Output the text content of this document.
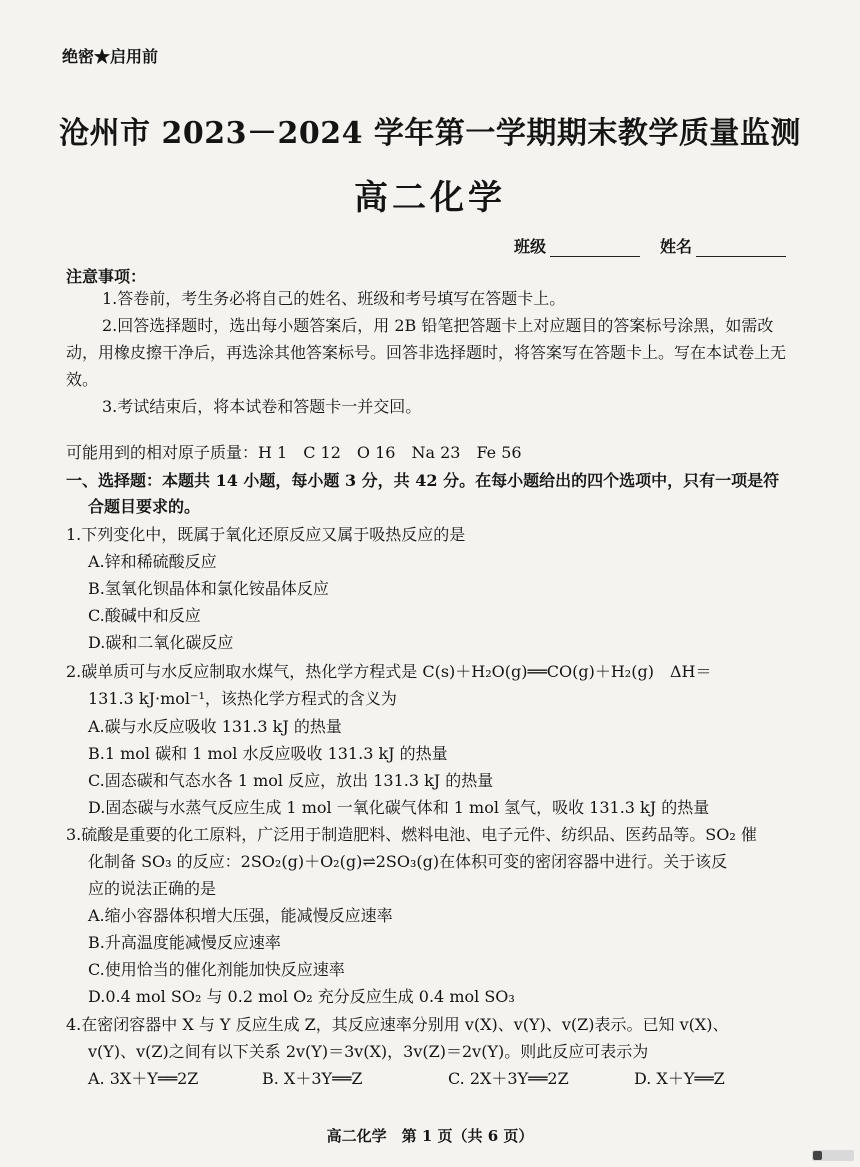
绝密★启用前
沧州市 2023－2024 学年第一学期期末教学质量监测
高二化学
班级	姓名
注意事项：
1.答卷前，考生务必将自己的姓名、班级和考号填写在答题卡上。
2.回答选择题时，选出每小题答案后，用 2B 铅笔把答题卡上对应题目的答案标号涂黑，如需改动，用橡皮擦干净后，再选涂其他答案标号。回答非选择题时，将答案写在答题卡上。写在本试卷上无效。
3.考试结束后，将本试卷和答题卡一并交回。
可能用到的相对原子质量：H 1　C 12　O 16　Na 23　Fe 56
一、选择题：本题共 14 小题，每小题 3 分，共 42 分。在每小题给出的四个选项中，只有一项是符
合题目要求的。
1.下列变化中，既属于氧化还原反应又属于吸热反应的是
A.锌和稀硫酸反应
B.氢氧化钡晶体和氯化铵晶体反应
C.酸碱中和反应
D.碳和二氧化碳反应
2.碳单质可与水反应制取水煤气，热化学方程式是 C(s)＋H₂O(g)══CO(g)＋H₂(g)　ΔH＝
131.3 kJ·mol⁻¹，该热化学方程式的含义为
A.碳与水反应吸收 131.3 kJ 的热量
B.1 mol 碳和 1 mol 水反应吸收 131.3 kJ 的热量
C.固态碳和气态水各 1 mol 反应，放出 131.3 kJ 的热量
D.固态碳与水蒸气反应生成 1 mol 一氧化碳气体和 1 mol 氢气，吸收 131.3 kJ 的热量
3.硫酸是重要的化工原料，广泛用于制造肥料、燃料电池、电子元件、纺织品、医药品等。SO₂ 催
化制备 SO₃ 的反应：2SO₂(g)＋O₂(g)⇌2SO₃(g)在体积可变的密闭容器中进行。关于该反
应的说法正确的是
A.缩小容器体积增大压强，能减慢反应速率
B.升高温度能减慢反应速率
C.使用恰当的催化剂能加快反应速率
D.0.4 mol SO₂ 与 0.2 mol O₂ 充分反应生成 0.4 mol SO₃
4.在密闭容器中 X 与 Y 反应生成 Z，其反应速率分别用 v(X)、v(Y)、v(Z)表示。已知 v(X)、
v(Y)、v(Z)之间有以下关系 2v(Y)＝3v(X)，3v(Z)＝2v(Y)。则此反应可表示为
A. 3X＋Y══2Z	B. X＋3Y══Z	C. 2X＋3Y══2Z	D. X＋Y══Z
高二化学　第 1 页（共 6 页）
